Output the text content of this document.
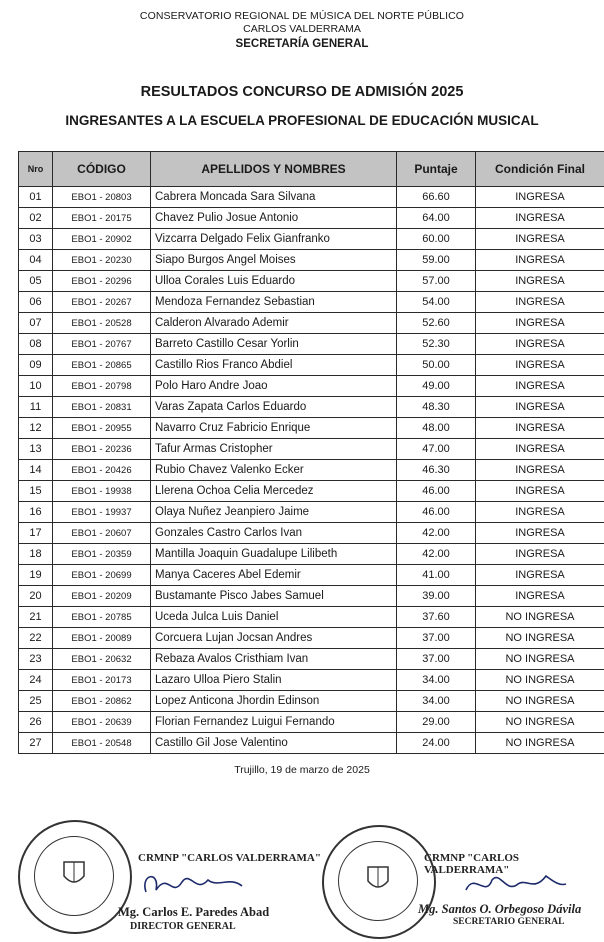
CONSERVATORIO REGIONAL DE MÚSICA DEL NORTE PÚBLICO
CARLOS VALDERRAMA
SECRETARÍA GENERAL
RESULTADOS CONCURSO DE ADMISIÓN 2025
INGRESANTES A LA ESCUELA PROFESIONAL DE EDUCACIÓN MUSICAL
Nro	CÓDIGO	APELLIDOS Y NOMBRES	Puntaje	Condición Final
01	EBO1 - 20803	Cabrera Moncada Sara Silvana	66.60	INGRESA
02	EBO1 - 20175	Chavez Pulio Josue Antonio	64.00	INGRESA
03	EBO1 - 20902	Vizcarra Delgado Felix Gianfranko	60.00	INGRESA
04	EBO1 - 20230	Siapo Burgos Angel Moises	59.00	INGRESA
05	EBO1 - 20296	Ulloa Corales Luis Eduardo	57.00	INGRESA
06	EBO1 - 20267	Mendoza Fernandez Sebastian	54.00	INGRESA
07	EBO1 - 20528	Calderon Alvarado Ademir	52.60	INGRESA
08	EBO1 - 20767	Barreto Castillo Cesar Yorlin	52.30	INGRESA
09	EBO1 - 20865	Castillo Rios Franco Abdiel	50.00	INGRESA
10	EBO1 - 20798	Polo Haro Andre Joao	49.00	INGRESA
11	EBO1 - 20831	Varas Zapata Carlos Eduardo	48.30	INGRESA
12	EBO1 - 20955	Navarro Cruz Fabricio Enrique	48.00	INGRESA
13	EBO1 - 20236	Tafur Armas Cristopher	47.00	INGRESA
14	EBO1 - 20426	Rubio Chavez Valenko Ecker	46.30	INGRESA
15	EBO1 - 19938	Llerena Ochoa Celia Mercedez	46.00	INGRESA
16	EBO1 - 19937	Olaya Nuñez Jeanpiero Jaime	46.00	INGRESA
17	EBO1 - 20607	Gonzales Castro Carlos Ivan	42.00	INGRESA
18	EBO1 - 20359	Mantilla Joaquin Guadalupe Lilibeth	42.00	INGRESA
19	EBO1 - 20699	Manya Caceres Abel Edemir	41.00	INGRESA
20	EBO1 - 20209	Bustamante Pisco Jabes Samuel	39.00	INGRESA
21	EBO1 - 20785	Uceda Julca Luis Daniel	37.60	NO INGRESA
22	EBO1 - 20089	Corcuera Lujan Jocsan Andres	37.00	NO INGRESA
23	EBO1 - 20632	Rebaza Avalos Cristhiam Ivan	37.00	NO INGRESA
24	EBO1 - 20173	Lazaro Ulloa Piero Stalin	34.00	NO INGRESA
25	EBO1 - 20862	Lopez Anticona Jhordin Edinson	34.00	NO INGRESA
26	EBO1 - 20639	Florian Fernandez Luigui Fernando	29.00	NO INGRESA
27	EBO1 - 20548	Castillo Gil Jose Valentino	24.00	NO INGRESA
Trujillo, 19 de marzo de 2025
CRMNP "CARLOS VALDERRAMA"
Mg. Carlos E. Paredes Abad
DIRECTOR GENERAL
CRMNP "CARLOS VALDERRAMA"
Mg. Santos O. Orbegoso Dávila
SECRETARIO GENERAL
